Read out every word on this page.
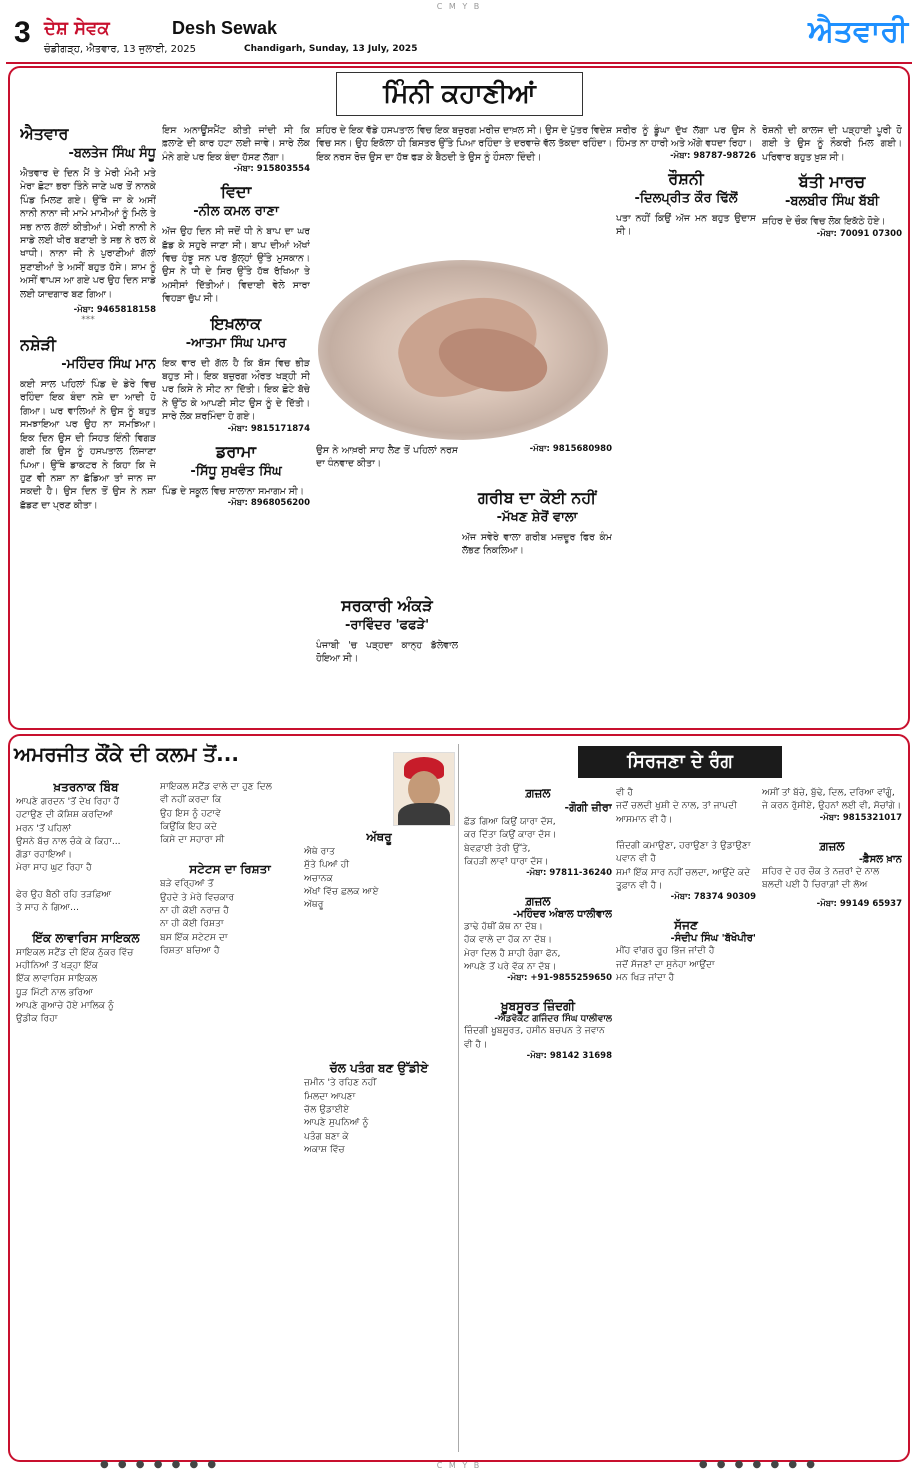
C M Y B
3 ਦੇਸ਼ ਸੇਵਕ	Desh Sewak
ਚੰਡੀਗੜ੍ਹ, ਐਤਵਾਰ, 13 ਜੁਲਾਈ, 2025	Chandigarh, Sunday, 13 July, 2025	ਐਤਵਾਰੀ
ਮਿੰਨੀ ਕਹਾਣੀਆਂ
ਐਤਵਾਰ
-ਬਲਤੇਜ ਸਿੰਘ ਸੰਧੂ
ਐਤਵਾਰ ਦੇ ਦਿਨ ਮੈਂ ਤੇ ਮੇਰੀ ਮੰਮੀ ਮਤੇ ਮੇਰਾ ਛੋਟਾ ਭਰਾ ਤਿੰਨੇ ਜਾਣੇ ਘਰ ਤੋਂ ਨਾਨਕੇ ਪਿੰਡ ਮਿਲਣ ਗਏ। ਉੱਥੇ ਜਾ ਕੇ ਅਸੀਂ ਨਾਨੀ ਨਾਨਾ ਜੀ ਮਾਮੇ ਮਾਮੀਆਂ ਨੂੰ ਮਿਲੇ ਤੇ ਸਭ ਨਾਲ ਗੱਲਾਂ ਕੀਤੀਆਂ। ਮੇਰੀ ਨਾਨੀ ਨੇ ਸਾਡੇ ਲਈ ਖੀਰ ਬਣਾਈ ਤੇ ਸਭ ਨੇ ਰਲ ਕੇ ਖਾਧੀ। ਨਾਨਾ ਜੀ ਨੇ ਪੁਰਾਣੀਆਂ ਗੱਲਾਂ ਸੁਣਾਈਆਂ ਤੇ ਅਸੀਂ ਬਹੁਤ ਹੱਸੇ। ਸ਼ਾਮ ਨੂੰ ਅਸੀਂ ਵਾਪਸ ਆ ਗਏ ਪਰ ਉਹ ਦਿਨ ਸਾਡੇ ਲਈ ਯਾਦਗਾਰ ਬਣ ਗਿਆ।
-ਮੋਬਾ: 9465818158
***
ਨਸ਼ੇੜੀ
-ਮਹਿੰਦਰ ਸਿੰਘ ਮਾਨ
ਕਈ ਸਾਲ ਪਹਿਲਾਂ ਪਿੰਡ ਦੇ ਡੇਰੇ ਵਿਚ ਰਹਿੰਦਾ ਇਕ ਬੰਦਾ ਨਸ਼ੇ ਦਾ ਆਦੀ ਹੋ ਗਿਆ। ਘਰ ਵਾਲਿਆਂ ਨੇ ਉਸ ਨੂੰ ਬਹੁਤ ਸਮਝਾਇਆ ਪਰ ਉਹ ਨਾ ਸਮਝਿਆ। ਇਕ ਦਿਨ ਉਸ ਦੀ ਸਿਹਤ ਇੰਨੀ ਵਿਗੜ ਗਈ ਕਿ ਉਸ ਨੂੰ ਹਸਪਤਾਲ ਲਿਜਾਣਾ ਪਿਆ। ਉੱਥੇ ਡਾਕਟਰ ਨੇ ਕਿਹਾ ਕਿ ਜੇ ਹੁਣ ਵੀ ਨਸ਼ਾ ਨਾ ਛੱਡਿਆ ਤਾਂ ਜਾਨ ਜਾ ਸਕਦੀ ਹੈ। ਉਸ ਦਿਨ ਤੋਂ ਉਸ ਨੇ ਨਸ਼ਾ ਛੱਡਣ ਦਾ ਪ੍ਰਣ ਕੀਤਾ।
ਇਸ ਅਨਾਊਂਸਮੈਂਟ ਕੀਤੀ ਜਾਂਦੀ ਸੀ ਕਿ ਫ਼ਲਾਣੇ ਦੀ ਕਾਰ ਹਟਾ ਲਈ ਜਾਵੇ। ਸਾਰੇ ਲੋਕ ਮੰਨੇ ਗਏ ਪਰ ਇਕ ਬੰਦਾ ਹੱਸਣ ਲੱਗਾ।
-ਮੋਬਾ: 9158035​54
ਵਿਦਾ
-ਨੀਲ ਕਮਲ ਰਾਣਾ
ਅੱਜ ਉਹ ਦਿਨ ਸੀ ਜਦੋਂ ਧੀ ਨੇ ਬਾਪ ਦਾ ਘਰ ਛੱਡ ਕੇ ਸਹੁਰੇ ਜਾਣਾ ਸੀ। ਬਾਪ ਦੀਆਂ ਅੱਖਾਂ ਵਿਚ ਹੰਝੂ ਸਨ ਪਰ ਬੁੱਲ੍ਹਾਂ ਉੱਤੇ ਮੁਸਕਾਨ। ਉਸ ਨੇ ਧੀ ਦੇ ਸਿਰ ਉੱਤੇ ਹੱਥ ਰੱਖਿਆ ਤੇ ਅਸੀਸਾਂ ਦਿੱਤੀਆਂ। ਵਿਦਾਈ ਵੇਲੇ ਸਾਰਾ ਵਿਹੜਾ ਚੁੱਪ ਸੀ।
ਇਖ਼ਲਾਕ
-ਆਤਮਾ ਸਿੰਘ ਪਮਾਰ
ਇਕ ਵਾਰ ਦੀ ਗੱਲ ਹੈ ਕਿ ਬੱਸ ਵਿਚ ਭੀੜ ਬਹੁਤ ਸੀ। ਇਕ ਬਜ਼ੁਰਗ ਔਰਤ ਖੜ੍ਹੀ ਸੀ ਪਰ ਕਿਸੇ ਨੇ ਸੀਟ ਨਾ ਦਿੱਤੀ। ਇਕ ਛੋਟੇ ਬੱਚੇ ਨੇ ਉੱਠ ਕੇ ਆਪਣੀ ਸੀਟ ਉਸ ਨੂੰ ਦੇ ਦਿੱਤੀ। ਸਾਰੇ ਲੋਕ ਸ਼ਰਮਿੰਦਾ ਹੋ ਗਏ।
-ਮੋਬਾ: 9815171874
ਡਰਾਮਾ
-ਸਿੱਧੂ ਸੁਖਵੰਤ ਸਿੰਘ
ਪਿੰਡ ਦੇ ਸਕੂਲ ਵਿਚ ਸਾਲਾਨਾ ਸਮਾਗਮ ਸੀ।
-ਮੋਬਾ: 8968056200
ਸ਼ਹਿਰ ਦੇ ਇਕ ਵੱਡੇ ਹਸਪਤਾਲ ਵਿਚ ਇਕ ਬਜ਼ੁਰਗ ਮਰੀਜ਼ ਦਾਖ਼ਲ ਸੀ। ਉਸ ਦੇ ਪੁੱਤਰ ਵਿਦੇਸ਼ ਵਿਚ ਸਨ। ਉਹ ਇਕੱਲਾ ਹੀ ਬਿਸਤਰ ਉੱਤੇ ਪਿਆ ਰਹਿੰਦਾ ਤੇ ਦਰਵਾਜ਼ੇ ਵੱਲ ਤੱਕਦਾ ਰਹਿੰਦਾ। ਇਕ ਨਰਸ ਰੋਜ਼ ਉਸ ਦਾ ਹੱਥ ਫੜ ਕੇ ਬੈਠਦੀ ਤੇ ਉਸ ਨੂੰ ਹੌਸਲਾ ਦਿੰਦੀ।
ਉਸ ਨੇ ਆਖ਼ਰੀ ਸਾਹ ਲੈਣ ਤੋਂ ਪਹਿਲਾਂ ਨਰਸ ਦਾ ਧੰਨਵਾਦ ਕੀਤਾ।
-ਮੋਬਾ: 9815680980
ਗਰੀਬ ਦਾ ਕੋਈ ਨਹੀਂ
-ਮੱਖਣ ਸ਼ੇਰੋਂ ਵਾਲਾ
ਅੱਜ ਸਵੇਰੇ ਵਾਲਾ ਗਰੀਬ ਮਜ਼ਦੂਰ ਫਿਰ ਕੰਮ ਲੱਭਣ ਨਿਕਲਿਆ।
ਸਰਕਾਰੀ ਅੰਕੜੇ
-ਰਾਵਿੰਦਰ 'ਫਫੜੇ'
ਪੰਜਾਬੀ 'ਚ ਪੜ੍ਹਦਾ ਕਾਨ੍ਹ ਡੱਲੇਵਾਲ ਹੋਇਆ ਸੀ।
ਸਰੀਰ ਨੂੰ ਡੂੰਘਾ ਦੁੱਖ ਲੱਗਾ ਪਰ ਉਸ ਨੇ ਹਿੰਮਤ ਨਾ ਹਾਰੀ ਅਤੇ ਅੱਗੇ ਵਧਦਾ ਰਿਹਾ।
-ਮੋਬਾ: 98787-98726
ਰੌਸ਼ਨੀ
-ਦਿਲਪ੍ਰੀਤ ਕੌਰ ਢਿੱਲੋਂ
ਪਤਾ ਨਹੀਂ ਕਿਉਂ ਅੱਜ ਮਨ ਬਹੁਤ ਉਦਾਸ ਸੀ।
ਰੋਸ਼ਨੀ ਦੀ ਕਾਲਜ ਦੀ ਪੜ੍ਹਾਈ ਪੂਰੀ ਹੋ ਗਈ ਤੇ ਉਸ ਨੂੰ ਨੌਕਰੀ ਮਿਲ ਗਈ। ਪਰਿਵਾਰ ਬਹੁਤ ਖ਼ੁਸ਼ ਸੀ।
ਬੱਤੀ ਮਾਰਚ
-ਬਲਬੀਰ ਸਿੰਘ ਬੱਬੀ
ਸ਼ਹਿਰ ਦੇ ਚੌਕ ਵਿਚ ਲੋਕ ਇਕੱਠੇ ਹੋਏ।
-ਮੋਬਾ: 70091 07300
ਅਮਰਜੀਤ ਕੌਂਕੇ ਦੀ ਕਲਮ ਤੋਂ...	ਸਿਰਜਣਾ ਦੇ ਰੰਗ
ਖ਼ਤਰਨਾਕ ਬਿੰਬ
ਆਪਣੇ ਗਰਦਨ 'ਤੋਂ ਦੇਖ ਰਿਹਾ ਹੈਂ
ਹਟਾਉਣ ਦੀ ਕੋਸ਼ਿਸ਼ ਕਰਦਿਆਂ
ਮਰਨ 'ਤੋਂ ਪਹਿਲਾਂ
ਉਸਨੇ ਬੱਚ ਨਾਲ ਚੰਕੇ ਕੇ ਕਿਹਾ...
ਗੱਡਾ ਰਹਾਇਆਂ।
ਮੇਰਾ ਸਾਹ ਘੁਟ ਰਿਹਾ ਹੈ

ਫੇਰ ਉਹ ਬੈਠੀ ਰਹਿ ਤੜਫ਼ਿਆ
ਤੇ ਸਾਹ ਨੇ ਗਿਆ...
ਇੱਕ ਲਾਵਾਰਿਸ ਸਾਇਕਲ
ਸਾਇਕਲ ਸਟੈਂਡ ਦੀ ਇੱਕ ਨੁੱਕਰ ਵਿੱਚ
ਮਹੀਨਿਆਂ ਤੋਂ ਖੜ੍ਹਾ ਇੱਕ
ਇੱਕ ਲਾਵਾਰਿਸ ਸਾਇਕਲ
ਧੂੜ ਮਿੱਟੀ ਨਾਲ ਭਰਿਆ
ਆਪਣੇ ਗੁਆਚੇ ਹੋਏ ਮਾਲਿਕ ਨੂੰ
ਉਡੀਕ ਰਿਹਾ
ਸਾਇਕਲ ਸਟੈਂਡ ਵਾਲੇ ਦਾ ਹੁਣ ਦਿਲ
ਵੀ ਨਹੀਂ ਕਰਦਾ ਕਿ
ਉਹ ਇਸ ਨੂੰ ਹਟਾਵੇ
ਕਿਉਂਕਿ ਇਹ ਕਦੇ
ਕਿਸੇ ਦਾ ਸਹਾਰਾ ਸੀ
ਸਟੇਟਸ ਦਾ ਰਿਸ਼ਤਾ
ਬੜੇ ਵਰ੍ਹਿਆਂ ਤੋਂ
ਉਹਦੇ ਤੇ ਮੇਰੇ ਵਿਚਕਾਰ
ਨਾ ਹੀ ਕੋਈ ਨਰਾਜ਼ ਹੈ
ਨਾ ਹੀ ਕੋਈ ਰਿਸ਼ਤਾ
ਬਸ ਇੱਕ ਸਟੇਟਸ ਦਾ
ਰਿਸ਼ਤਾ ਬਚਿਆ ਹੈ
ਅੱਥਰੂ
ਐਥੇ ਰਾਤ
ਸੁੱਤੇ ਪਿਆਂ ਹੀ
ਅਚਾਨਕ
ਅੱਖਾਂ ਵਿੱਚ ਛਲਕ ਆਏ
ਅੱਥਰੂ
ਚੱਲ ਪਤੰਗ ਬਣ ਉੱਡੀਏ
ਜ਼ਮੀਨ 'ਤੇ ਰਹਿਣ ਨਹੀਂ
ਮਿਲਦਾ ਆਪਣਾ
ਚੱਲ ਉਡਾਈਏ
ਆਪਣੇ ਸੁਪਨਿਆਂ ਨੂੰ
ਪਤੰਗ ਬਣਾ ਕੇ
ਅਕਾਸ਼ ਵਿੱਚ
ਗ਼ਜ਼ਲ
-ਗੋਗੀ ਜ਼ੀਰਾ
ਛੱਡ ਗਿਆ ਕਿਉਂ ਯਾਰਾ ਦੱਸ,
ਕਰ ਦਿੱਤਾ ਕਿਉਂ ਕਾਰਾ ਦੱਸ।
ਬੇਵਫ਼ਾਈ ਤੇਰੀ ਉੱਤੇ,
ਕਿਹੜੀ ਲਾਵਾਂ ਧਾਰਾ ਦੱਸ।
-ਮੋਬਾ: 97811-36240
ਗ਼ਜ਼ਲ
-ਮਹਿੰਦਰ ਅੰਬਾਲ ਧਾਲੀਵਾਲ
ਡਾਢੇ ਹੱਥੀਂ ਕੱਥ ਨਾ ਦੱਬ।
ਹੱਕ ਵਾਲੇ ਦਾ ਹੱਕ ਨਾ ਦੱਬ।
ਮੇਰਾ ਦਿਲ ਹੈ ਸ਼ਾਹੀ ਰੰਗਾ ਫੋਨ,
ਆਪਣੇ ਤੋਂ ਪਰੇ ਵੱਕ ਨਾ ਦੱਬ।
-ਮੋਬਾ: +91-9855259650
ਖ਼ੂਬਸੂਰਤ ਜ਼ਿੰਦਗੀ
-ਐਡਵੋਕੇਟ ਗਜਿੰਦਰ ਸਿੰਘ ਧਾਲੀਵਾਲ
ਜ਼ਿੰਦਗੀ ਖੂਬਸੂਰਤ, ਹਸੀਨ ਬਚਪਨ ਤੇ ਜਵਾਨ ਵੀ ਹੈ।
-ਮੋਬਾ: 98142 31698
ਵੀ ਹੈ
ਜਦੋਂ ਚਲਦੀ ਖੁਸ਼ੀ ਦੇ ਨਾਲ, ਤਾਂ ਜਾਪਦੀ
ਆਸਮਾਨ ਵੀ ਹੈ।

ਜ਼ਿੰਦਗੀ ਕਮਾਉਣਾ, ਹਰਾਉਣਾ ਤੇ ਉਡਾਉਣਾ
ਪਵਾਨ ਵੀ ਹੈ
ਸਮਾਂ ਇੱਕ ਸਾਰ ਨਹੀਂ ਚਲਦਾ, ਆਉਂਦੇ ਕਦੇ
ਤੂਫ਼ਾਨ ਵੀ ਹੈ।
-ਮੋਬਾ: 78374 90309
ਸੱਜਣ
-ਸੰਦੀਪ ਸਿੰਘ 'ਬੱਖੋਪੀਰ'
ਮੀਂਹ ਵਾਂਗਰ ਰੂਹ ਭਿੱਜ ਜਾਂਦੀ ਹੈ
ਜਦੋਂ ਸੱਜਣਾਂ ਦਾ ਸੁਨੇਹਾ ਆਉਂਦਾ
ਮਨ ਖਿੜ ਜਾਂਦਾ ਹੈ
ਅਸੀਂ ਤਾਂ ਬੱਚੇ, ਬੁੱਢੇ, ਦਿਲ, ਦਰਿਆ ਵਾਂਗੂੰ,
ਜੇ ਕਰਨ ਰੁੱਸੀਏ, ਉਹਨਾਂ ਲਈ ਵੀ, ਸੋਚਾਂਗੇ।
-ਮੋਬਾ: 9815321017
ਗ਼ਜ਼ਲ
-ਫ਼ੈਸਲ ਖ਼ਾਨ
ਸ਼ਹਿਰ ਦੇ ਹਰ ਚੌਕ ਤੇ ਨਜ਼ਰਾਂ ਦੇ ਨਾਲ
ਬਲਦੀ ਪਈ ਹੈ ਚਿਰਾਗ਼ਾਂ ਦੀ ਲੋਅ
-ਮੋਬਾ: 99149 65937
● ● ● ● ● ● ●	C M Y B	● ● ● ● ● ● ●
